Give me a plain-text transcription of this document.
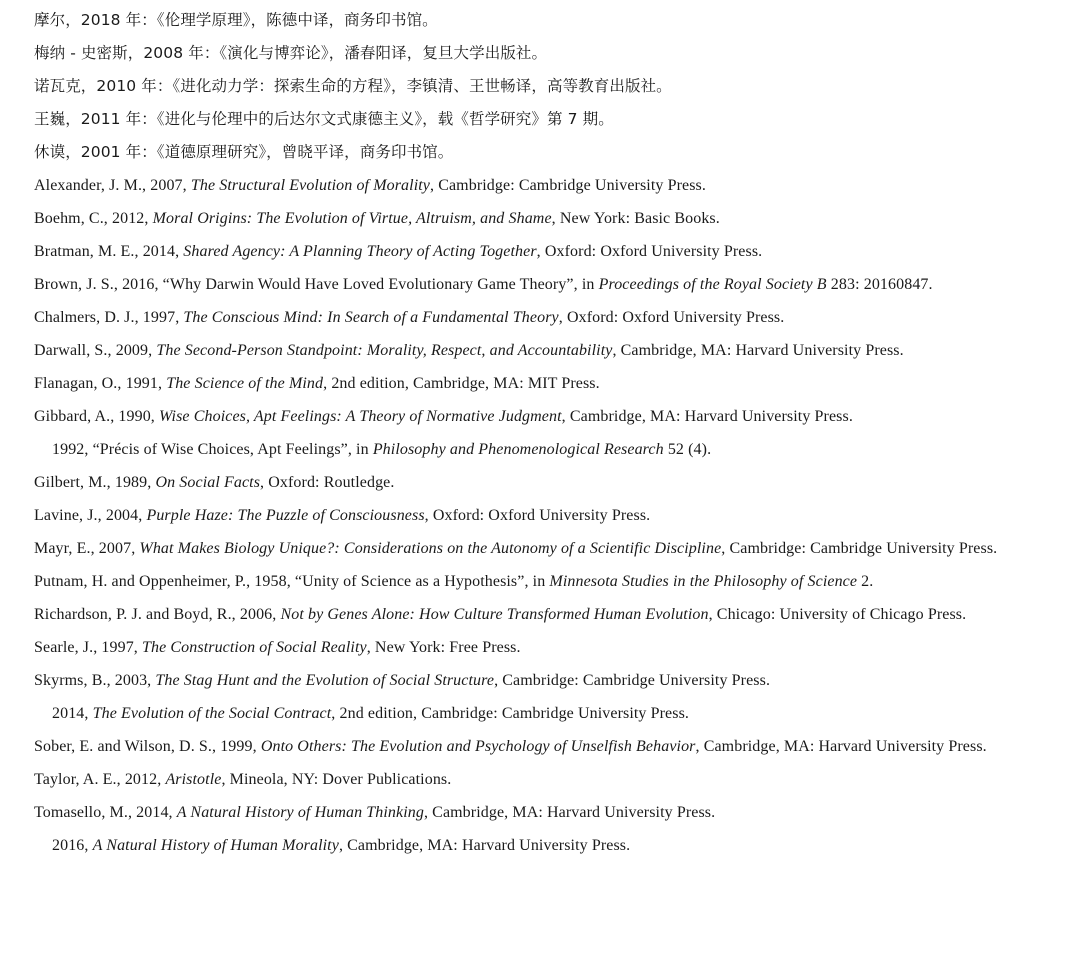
摩尔，2018 年：《伦理学原理》，陈德中译，商务印书馆。
梅纳 - 史密斯，2008 年：《演化与博弈论》，潘春阳译，复旦大学出版社。
诺瓦克，2010 年：《进化动力学：探索生命的方程》，李镇清、王世畅译，高等教育出版社。
王巍，2011 年：《进化与伦理中的后达尔文式康德主义》，载《哲学研究》第 7 期。
休谟，2001 年：《道德原理研究》，曾晓平译，商务印书馆。
Alexander, J. M., 2007, The Structural Evolution of Morality, Cambridge: Cambridge University Press.
Boehm, C., 2012, Moral Origins: The Evolution of Virtue, Altruism, and Shame, New York: Basic Books.
Bratman, M. E., 2014, Shared Agency: A Planning Theory of Acting Together, Oxford: Oxford University Press.
Brown, J. S., 2016, “Why Darwin Would Have Loved Evolutionary Game Theory”, in Proceedings of the Royal Society B 283: 20160847.
Chalmers, D. J., 1997, The Conscious Mind: In Search of a Fundamental Theory, Oxford: Oxford University Press.
Darwall, S., 2009, The Second-Person Standpoint: Morality, Respect, and Accountability, Cambridge, MA: Harvard University Press.
Flanagan, O., 1991, The Science of the Mind, 2nd edition, Cambridge, MA: MIT Press.
Gibbard, A., 1990, Wise Choices, Apt Feelings: A Theory of Normative Judgment, Cambridge, MA: Harvard University Press.
1992, “Précis of Wise Choices, Apt Feelings”, in Philosophy and Phenomenological Research 52 (4).
Gilbert, M., 1989, On Social Facts, Oxford: Routledge.
Lavine, J., 2004, Purple Haze: The Puzzle of Consciousness, Oxford: Oxford University Press.
Mayr, E., 2007, What Makes Biology Unique?: Considerations on the Autonomy of a Scientific Discipline, Cambridge: Cambridge University Press.
Putnam, H. and Oppenheimer, P., 1958, “Unity of Science as a Hypothesis”, in Minnesota Studies in the Philosophy of Science 2.
Richardson, P. J. and Boyd, R., 2006, Not by Genes Alone: How Culture Transformed Human Evolution, Chicago: University of Chicago Press.
Searle, J., 1997, The Construction of Social Reality, New York: Free Press.
Skyrms, B., 2003, The Stag Hunt and the Evolution of Social Structure, Cambridge: Cambridge University Press.
2014, The Evolution of the Social Contract, 2nd edition, Cambridge: Cambridge University Press.
Sober, E. and Wilson, D. S., 1999, Onto Others: The Evolution and Psychology of Unselfish Behavior, Cambridge, MA: Harvard University Press.
Taylor, A. E., 2012, Aristotle, Mineola, NY: Dover Publications.
Tomasello, M., 2014, A Natural History of Human Thinking, Cambridge, MA: Harvard University Press.
2016, A Natural History of Human Morality, Cambridge, MA: Harvard University Press.
